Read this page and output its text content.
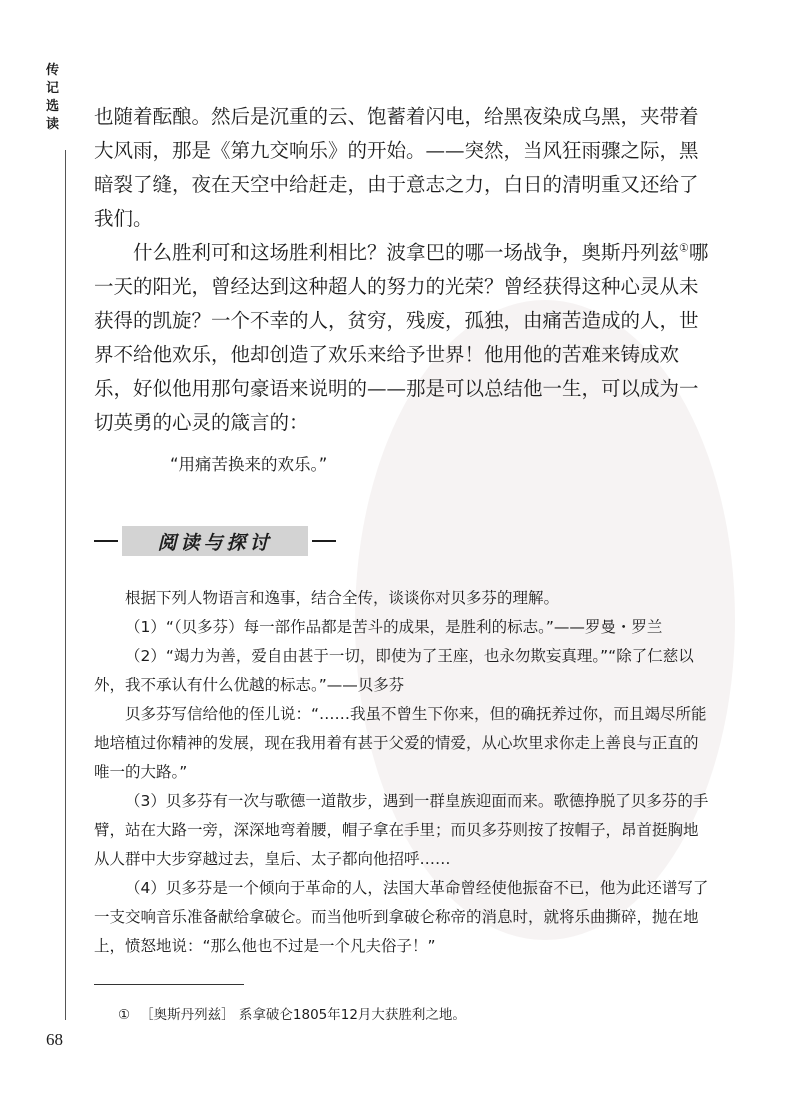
传记选读
68

也随着酝酿。然后是沉重的云、饱蓄着闪电，给黑夜染成乌黑，夹带着大风雨，那是《第九交响乐》的开始。——突然，当风狂雨骤之际，黑暗裂了缝，夜在天空中给赶走，由于意志之力，白日的清明重又还给了我们。

什么胜利可和这场胜利相比？波拿巴的哪一场战争，奥斯丹列兹①哪一天的阳光，曾经达到这种超人的努力的光荣？曾经获得这种心灵从未获得的凯旋？一个不幸的人，贫穷，残废，孤独，由痛苦造成的人，世界不给他欢乐，他却创造了欢乐来给予世界！他用他的苦难来铸成欢乐，好似他用那句豪语来说明的——那是可以总结他一生，可以成为一切英勇的心灵的箴言的：

“用痛苦换来的欢乐。”
阅读与探讨

根据下列人物语言和逸事，结合全传，谈谈你对贝多芬的理解。

（1）“（贝多芬）每一部作品都是苦斗的成果，是胜利的标志。”——罗曼・罗兰

（2）“竭力为善，爱自由甚于一切，即使为了王座，也永勿欺妄真理。”“除了仁慈以外，我不承认有什么优越的标志。”——贝多芬

贝多芬写信给他的侄儿说：“……我虽不曾生下你来，但的确抚养过你，而且竭尽所能地培植过你精神的发展，现在我用着有甚于父爱的情爱，从心坎里求你走上善良与正直的唯一的大路。”

（3）贝多芬有一次与歌德一道散步，遇到一群皇族迎面而来。歌德挣脱了贝多芬的手臂，站在大路一旁，深深地弯着腰，帽子拿在手里；而贝多芬则按了按帽子，昂首挺胸地从人群中大步穿越过去，皇后、太子都向他招呼……

（4）贝多芬是一个倾向于革命的人，法国大革命曾经使他振奋不已，他为此还谱写了一支交响音乐准备献给拿破仑。而当他听到拿破仑称帝的消息时，就将乐曲撕碎，抛在地上，愤怒地说：“那么他也不过是一个凡夫俗子！”

① ［奥斯丹列兹］ 系拿破仑1805年12月大获胜利之地。
